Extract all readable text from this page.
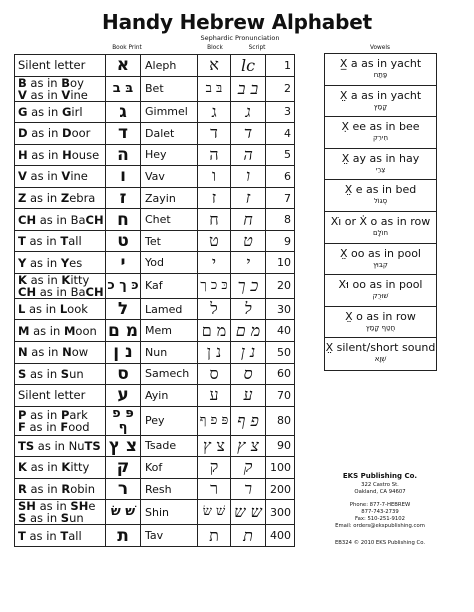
Handy Hebrew Alphabet
Sephardic Pronunciation
Book Print	Block	Script
Silent letter	א	Aleph	א	lc	1
B as in Boy
V as in Vine	בּ ב	Bet	בּ ב	ב ב	2
G as in Girl	ג	Gimmel	ג	ג	3
D as in Door	ד	Dalet	ד	ד	4
H as in House	ה	Hey	ה	ה	5
V as in Vine	ו	Vav	ו	ו	6
Z as in Zebra	ז	Zayin	ז	ז	7
CH as in BaCH	ח	Chet	ח	ח	8
T as in Tall	ט	Tet	ט	ט	9
Y as in Yes	י	Yod	י	י	10
K as in Kitty
CH as in BaCH	כּ ך כ	Kaf	כּ כ ך	כ ך	20
L as in Look	ל	Lamed	ל	ל	30
M as in Moon	מ ם	Mem	מ ם	מ ם	40
N as in Now	נ ן	Nun	נ ן	נ ן	50
S as in Sun	ס	Samech	ס	ס	60
Silent letter	ע	Ayin	ע	ע	70
P as in Park
F as in Food	פּ פ ף	Pey	פּ פ ף	פ ף	80
TS as in NuTS	צ ץ	Tsade	צ ץ	צ ץ	90
K as in Kitty	ק	Kof	ק	ק	100
R as in Robin	ר	Resh	ר	ר	200
SH as in SHe
S as in Sun	שׁ שׂ	Shin	שׁ שׂ	ש ש	300
T as in Tall	ת	Tav	ת	ת	400
Vowels
X̲ a as in yacht
פַּתַח
X̤ a as in yacht
קָמַץ
X̣ ee as in bee
חִירִק
X̤ ay as in hay
צֵרֵי
X̤ e as in bed
סֶגּוֹל
Xוֹ or Ẋ o as in row
חוֹלָם
X̤ oo as in pool
קִבּוּץ
Xוּ oo as in pool
שׁוּרֻק
X̤ o as in row
חֲטַף קָמַץ
X̤ silent/short sound
שְׁוָא
EKS Publishing Co.
322 Castro St.
Oakland, CA 94607
Phone: 877-7-HEBREW
877-743-2739
Fax: 510-251-9102
Email: orders@ekspublishing.com
EB324 © 2010 EKS Publishing Co.
